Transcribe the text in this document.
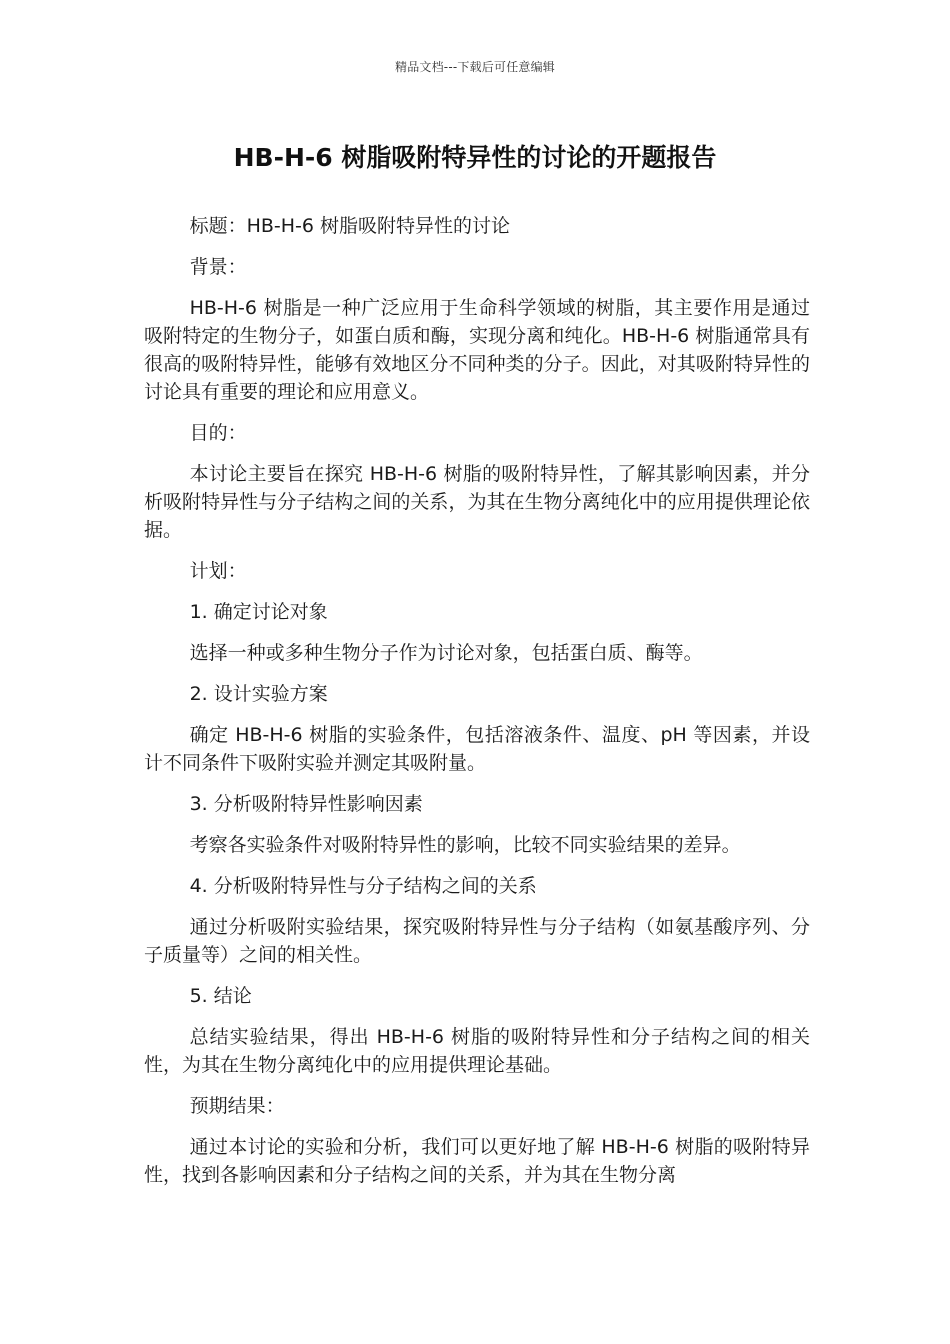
精品文档---下载后可任意编辑
HB-H-6 树脂吸附特异性的讨论的开题报告

标题：HB-H-6 树脂吸附特异性的讨论

背景：

HB-H-6 树脂是一种广泛应用于生命科学领域的树脂，其主要作用是通过吸附特定的生物分子，如蛋白质和酶，实现分离和纯化。HB-H-6 树脂通常具有很高的吸附特异性，能够有效地区分不同种类的分子。因此，对其吸附特异性的讨论具有重要的理论和应用意义。

目的：

本讨论主要旨在探究 HB-H-6 树脂的吸附特异性，了解其影响因素，并分析吸附特异性与分子结构之间的关系，为其在生物分离纯化中的应用提供理论依据。

计划：

1. 确定讨论对象

选择一种或多种生物分子作为讨论对象，包括蛋白质、酶等。

2. 设计实验方案

确定 HB-H-6 树脂的实验条件，包括溶液条件、温度、pH 等因素，并设计不同条件下吸附实验并测定其吸附量。

3. 分析吸附特异性影响因素

考察各实验条件对吸附特异性的影响，比较不同实验结果的差异。

4. 分析吸附特异性与分子结构之间的关系

通过分析吸附实验结果，探究吸附特异性与分子结构（如氨基酸序列、分子质量等）之间的相关性。

5. 结论

总结实验结果，得出 HB-H-6 树脂的吸附特异性和分子结构之间的相关性，为其在生物分离纯化中的应用提供理论基础。

预期结果：

通过本讨论的实验和分析，我们可以更好地了解 HB-H-6 树脂的吸附特异性，找到各影响因素和分子结构之间的关系，并为其在生物分离
